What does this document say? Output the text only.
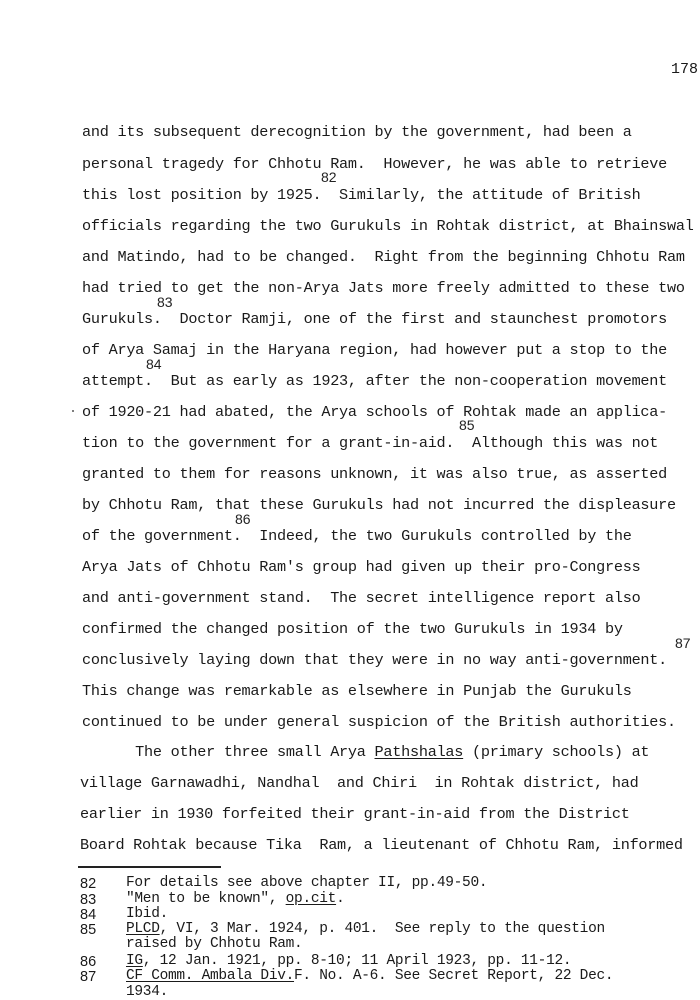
178
and its subsequent derecognition by the government, had been a
personal tragedy for Chhotu Ram.  However, he was able to retrieve
82
this lost position by 1925.  Similarly, the attitude of British
officials regarding the two Gurukuls in Rohtak district, at Bhainswal
and Matindo, had to be changed.  Right from the beginning Chhotu Ram
had tried to get the non-Arya Jats more freely admitted to these two
83
Gurukuls.  Doctor Ramji, one of the first and staunchest promotors
of Arya Samaj in the Haryana region, had however put a stop to the
84
attempt.  But as early as 1923, after the non-cooperation movement
of 1920-21 had abated, the Arya schools of Rohtak made an applica-
85
tion to the government for a grant-in-aid.  Although this was not
granted to them for reasons unknown, it was also true, as asserted
by Chhotu Ram, that these Gurukuls had not incurred the displeasure
86
of the government.  Indeed, the two Gurukuls controlled by the
Arya Jats of Chhotu Ram's group had given up their pro-Congress
and anti-government stand.  The secret intelligence report also
confirmed the changed position of the two Gurukuls in 1934 by
87
conclusively laying down that they were in no way anti-government.
This change was remarkable as elsewhere in Punjab the Gurukuls
continued to be under general suspicion of the British authorities.
The other three small Arya Pathshalas (primary schools) at
village Garnawadhi, Nandhal  and Chiri  in Rohtak district, had
earlier in 1930 forfeited their grant-in-aid from the District
Board Rohtak because Tika  Ram, a lieutenant of Chhotu Ram, informed
82 For details see above chapter II, pp.49-50.
83 "Men to be known", op.cit.
84 Ibid.
85 PLCD, VI, 3 Mar. 1924, p. 401.  See reply to the question
raised by Chhotu Ram.
86 IG, 12 Jan. 1921, pp. 8-10; 11 April 1923, pp. 11-12.
87 CF Comm. Ambala Div.F. No. A-6. See Secret Report, 22 Dec.
1934.
